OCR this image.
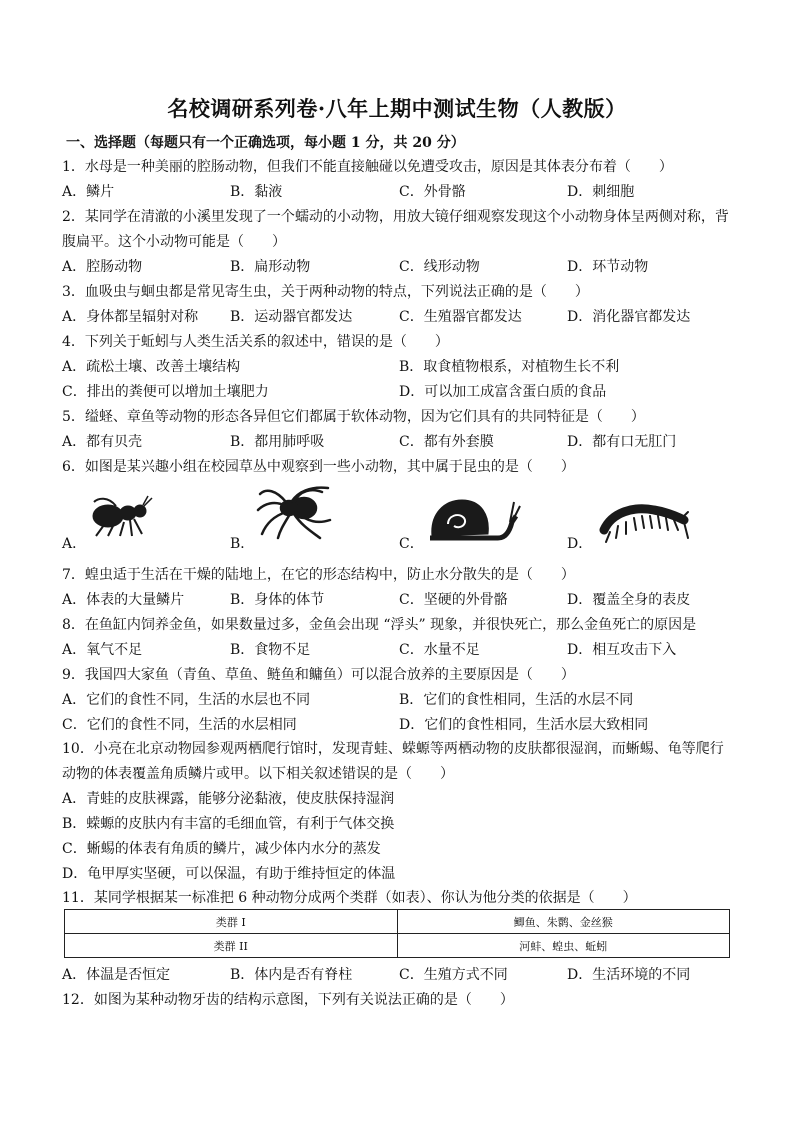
名校调研系列卷·八年上期中测试生物（人教版）
一、选择题（每题只有一个正确选项，每小题 1 分，共 20 分）
1．水母是一种美丽的腔肠动物，但我们不能直接触碰以免遭受攻击，原因是其体表分布着（　　）
A．鳞片	B．黏液	C．外骨骼	D．刺细胞
2．某同学在清澈的小溪里发现了一个蠕动的小动物，用放大镜仔细观察发现这个小动物身体呈两侧对称，背
腹扁平。这个小动物可能是（　　）
A．腔肠动物	B．扁形动物	C．线形动物	D．环节动物
3．血吸虫与蛔虫都是常见寄生虫，关于两种动物的特点，下列说法正确的是（　　）
A．身体都呈辐射对称 B．运动器官都发达	C．生殖器官都发达	D．消化器官都发达
4．下列关于蚯蚓与人类生活关系的叙述中，错误的是（　　）
A．疏松土壤、改善土壤结构	B．取食植物根系，对植物生长不利
C．排出的粪便可以增加土壤肥力	D．可以加工成富含蛋白质的食品
5．缢蛏、章鱼等动物的形态各异但它们都属于软体动物，因为它们具有的共同特征是（　　）
A．都有贝壳	B．都用肺呼吸	C．都有外套膜	D．都有口无肛门
6．如图是某兴趣小组在校园草丛中观察到一些小动物，其中属于昆虫的是（　　）
A．	B．	C．	D．
7．蝗虫适于生活在干燥的陆地上，在它的形态结构中，防止水分散失的是（　　）
A．体表的大量鳞片	B．身体的体节	C．坚硬的外骨骼	D．覆盖全身的表皮
8．在鱼缸内饲养金鱼，如果数量过多，金鱼会出现 “浮头” 现象，并很快死亡，那么金鱼死亡的原因是
A．氧气不足	B．食物不足	C．水量不足	D．相互攻击下入
9．我国四大家鱼（青鱼、草鱼、鲢鱼和鳙鱼）可以混合放养的主要原因是（　　）
A．它们的食性不同，生活的水层也不同	B．它们的食性相同，生活的水层不同
C．它们的食性不同，生活的水层相同	D．它们的食性相同，生活水层大致相同
10．小亮在北京动物园参观两栖爬行馆时，发现青蛙、蝾螈等两栖动物的皮肤都很湿润，而蜥蜴、龟等爬行
动物的体表覆盖角质鳞片或甲。以下相关叙述错误的是（　　）
A．青蛙的皮肤裸露，能够分泌黏液，使皮肤保持湿润
B．蝾螈的皮肤内有丰富的毛细血管，有利于气体交换
C．蜥蜴的体表有角质的鳞片，减少体内水分的蒸发
D．龟甲厚实坚硬，可以保温，有助于维持恒定的体温
11．某同学根据某一标准把 6 种动物分成两个类群（如表）、你认为他分类的依据是（　　）
类群 I	鲫鱼、朱鹮、金丝猴
类群 II	河蚌、蝗虫、蚯蚓
A．体温是否恒定	B．体内是否有脊柱	C．生殖方式不同	D．生活环境的不同
12．如图为某种动物牙齿的结构示意图，下列有关说法正确的是（　　）
